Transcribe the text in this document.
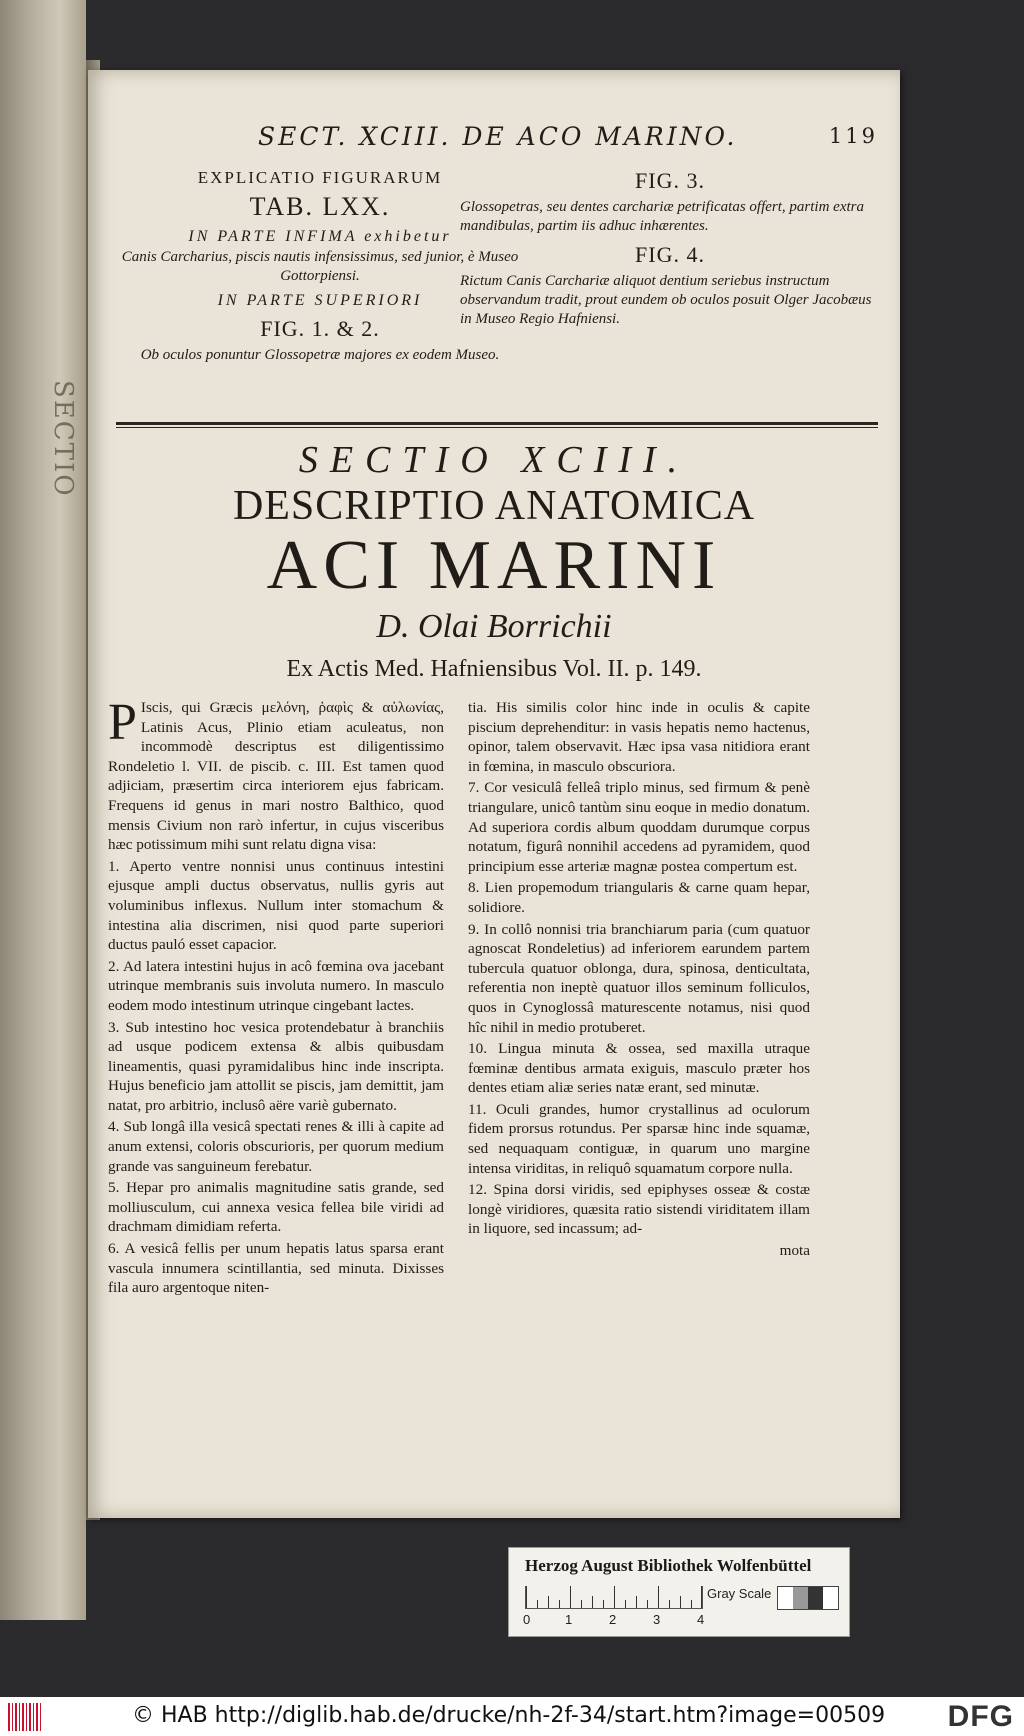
SECTIO
SECT. XCIII. DE ACO MARINO.	119
EXPLICATIO FIGURARUM
TAB. LXX.
IN PARTE INFIMA exhibetur
Canis Carcharius, piscis nautis infensissimus, sed junior, è Museo Gottorpiensi.
IN PARTE SUPERIORI
FIG. 1. & 2.
Ob oculos ponuntur Glossopetræ majores ex eodem Museo.
FIG. 3.
Glossopetras, seu dentes carchariæ petrificatas offert, partim extra mandibulas, partim iis adhuc inhærentes.
FIG. 4.
Rictum Canis Carchariæ aliquot dentium seriebus instructum observandum tradit, prout eundem ob oculos posuit Olger Jacobæus in Museo Regio Hafniensi.
SECTIO XCIII.
DESCRIPTIO ANATOMICA
ACI MARINI
D. Olai Borrichii
Ex Actis Med. Hafniensibus Vol. II. p. 149.

P Iscis, qui Græcis μελόνη, ῥαφὶς & αὐλωνίας, Latinis Acus, Plinio etiam aculeatus, non incommodè descriptus est diligentissimo Rondeletio l. VII. de piscib. c. III. Est tamen quod adjiciam, præsertim circa interiorem ejus fabricam. Frequens id genus in mari nostro Balthico, quod mensis Civium non rarò infertur, in cujus visceribus hæc potissimum mihi sunt relatu digna visa:

1. Aperto ventre nonnisi unus continuus intestini ejusque ampli ductus observatus, nullis gyris aut voluminibus inflexus. Nullum inter stomachum & intestina alia discrimen, nisi quod parte superiori ductus pauló esset capacior.

2. Ad latera intestini hujus in acô fœmina ova jacebant utrinque membranis suis involuta numero. In masculo eodem modo intestinum utrinque cingebant lactes.

3. Sub intestino hoc vesica protendebatur à branchiis ad usque podicem extensa & albis quibusdam lineamentis, quasi pyramidalibus hinc inde inscripta. Hujus beneficio jam attollit se piscis, jam demittit, jam natat, pro arbitrio, inclusô aëre variè gubernato.

4. Sub longâ illa vesicâ spectati renes & illi à capite ad anum extensi, coloris obscurioris, per quorum medium grande vas sanguineum ferebatur.

5. Hepar pro animalis magnitudine satis grande, sed molliusculum, cui annexa vesica fellea bile viridi ad drachmam dimidiam referta.

6. A vesicâ fellis per unum hepatis latus sparsa erant vascula innumera scintillantia, sed minuta. Dixisses fila auro argentoque niten-

tia. His similis color hinc inde in oculis & capite piscium deprehenditur: in vasis hepatis nemo hactenus, opinor, talem observavit. Hæc ipsa vasa nitidiora erant in fœmina, in masculo obscuriora.

7. Cor vesiculâ felleâ triplo minus, sed firmum & penè triangulare, unicô tantùm sinu eoque in medio donatum. Ad superiora cordis album quoddam durumque corpus notatum, figurâ nonnihil accedens ad pyramidem, quod principium esse arteriæ magnæ postea compertum est.

8. Lien propemodum triangularis & carne quam hepar, solidiore.

9. In collô nonnisi tria branchiarum paria (cum quatuor agnoscat Rondeletius) ad inferiorem earundem partem tubercula quatuor oblonga, dura, spinosa, denticultata, referentia non ineptè quatuor illos seminum folliculos, quos in Cynoglossâ maturescente notamus, nisi quod hîc nihil in medio protuberet.

10. Lingua minuta & ossea, sed maxilla utraque fœminæ dentibus armata exiguis, masculo præter hos dentes etiam aliæ series natæ erant, sed minutæ.

11. Oculi grandes, humor crystallinus ad oculorum fidem prorsus rotundus. Per sparsæ hinc inde squamæ, sed nequaquam contiguæ, in quarum uno margine intensa viriditas, in reliquô squamatum corpore nulla.

12. Spina dorsi viridis, sed epiphyses osseæ & costæ longè viridiores, quæsita ratio sistendi viriditatem illam in liquore, sed incassum; ad-

mota

Herzog August Bibliothek Wolfenbüttel
0	1	2	3	4
Gray Scale
© HAB http://diglib.hab.de/drucke/nh-2f-34/start.htm?image=00509 DFG
